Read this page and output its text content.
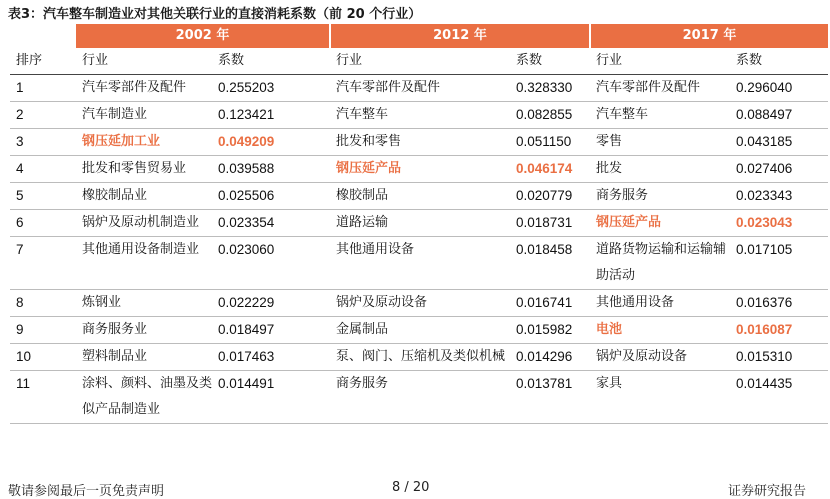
表3：汽车整车制造业对其他关联行业的直接消耗系数（前 20 个行业）
	2002 年		2012 年		2017 年	
排序	行业	系数	行业	系数	行业	系数
1	汽车零部件及配件	0.255203	汽车零部件及配件	0.328330	汽车零部件及配件	0.296040
2	汽车制造业	0.123421	汽车整车	0.082855	汽车整车	0.088497
3	钢压延加工业	0.049209	批发和零售	0.051150	零售	0.043185
4	批发和零售贸易业	0.039588	钢压延产品	0.046174	批发	0.027406
5	橡胶制品业	0.025506	橡胶制品	0.020779	商务服务	0.023343
6	锅炉及原动机制造业	0.023354	道路运输	0.018731	钢压延产品	0.023043
7	其他通用设备制造业	0.023060	其他通用设备	0.018458	道路货物运输和运输辅助活动	0.017105
8	炼钢业	0.022229	锅炉及原动设备	0.016741	其他通用设备	0.016376
9	商务服务业	0.018497	金属制品	0.015982	电池	0.016087
10	塑料制品业	0.017463	泵、阀门、压缩机及类似机械	0.014296	锅炉及原动设备	0.015310
11	涂料、颜料、油墨及类似产品制造业	0.014491	商务服务	0.013781	家具	0.014435
敬请参阅最后一页免责声明	8 / 20	证券研究报告
